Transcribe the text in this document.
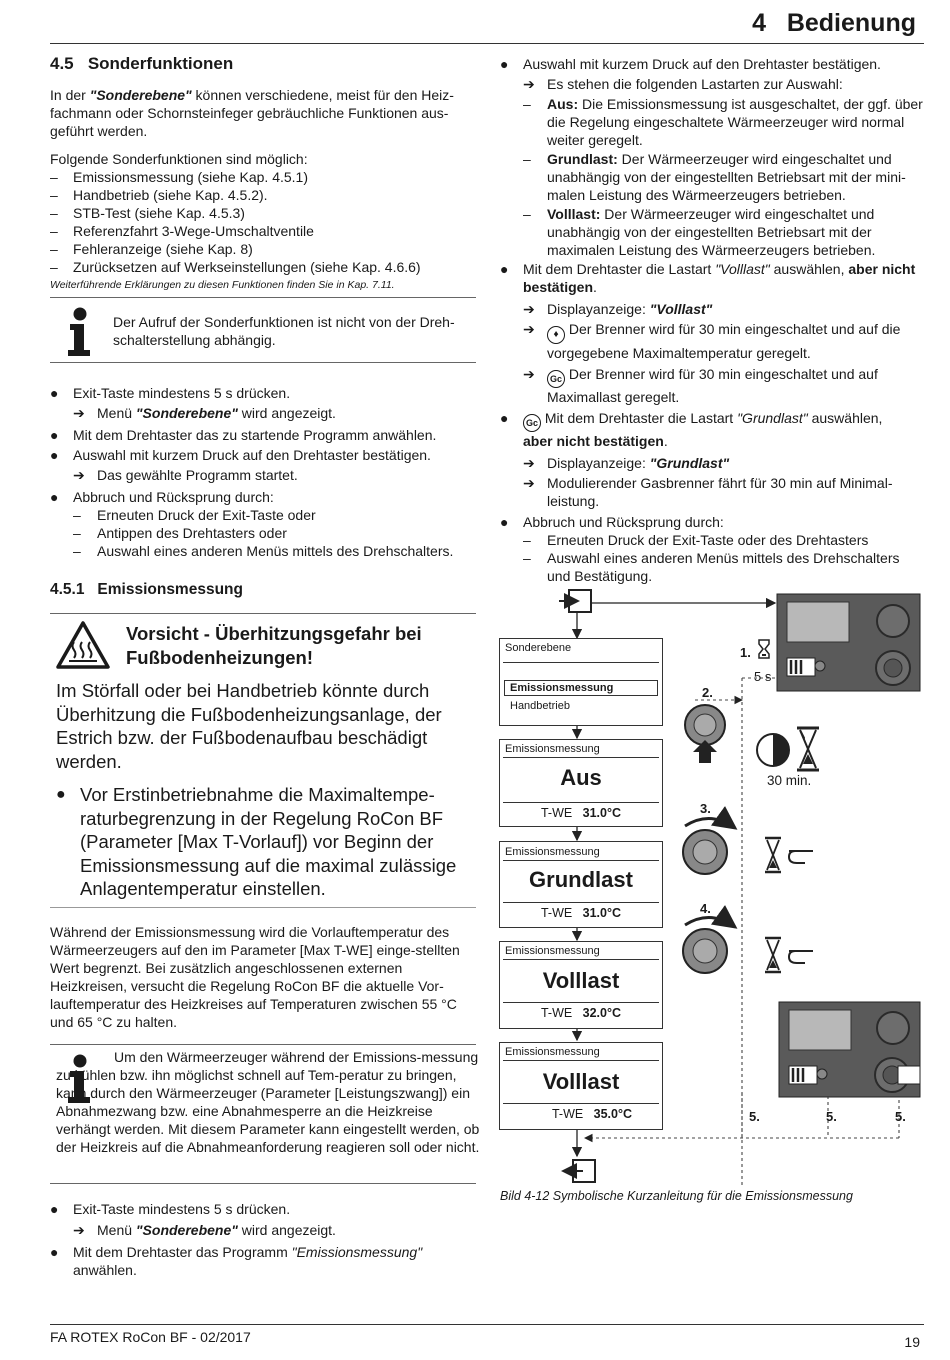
4 Bedienung
FA ROTEX RoCon BF - 02/2017	19
4.5 Sonderfunktionen

In der "Sonderebene" können verschiedene, meist für den Heiz-fachmann oder Schornsteinfeger gebräuchliche Funktionen aus-geführt werden.

Folgende Sonderfunktionen sind möglich:

– Emissionsmessung (siehe Kap. 4.5.1)
– Handbetrieb (siehe Kap. 4.5.2).
– STB-Test (siehe Kap. 4.5.3)
– Referenzfahrt 3-Wege-Umschaltventile
– Fehleranzeige (siehe Kap. 8)
– Zurücksetzen auf Werkseinstellungen (siehe Kap. 4.6.6)

Weiterführende Erklärungen zu diesen Funktionen finden Sie in Kap. 7.11.

Der Aufruf der Sonderfunktionen ist nicht von der Dreh-schalterstellung abhängig.

● Exit-Taste mindestens 5 s drücken.
➔ Menü "Sonderebene" wird angezeigt.
● Mit dem Drehtaster das zu startende Programm anwählen.
● Auswahl mit kurzem Druck auf den Drehtaster bestätigen.
➔ Das gewählte Programm startet.
● Abbruch und Rücksprung durch:
– Erneuten Druck der Exit-Taste oder
– Antippen des Drehtasters oder
– Auswahl eines anderen Menüs mittels des Drehschalters.
4.5.1 Emissionsmessung
Vorsicht - Überhitzungsgefahr bei
Fußbodenheizungen!

Im Störfall oder bei Handbetrieb könnte durch Überhitzung die Fußbodenheizungsanlage, der Estrich bzw. der Fußbodenaufbau beschädigt werden.

● Vor Erstinbetriebnahme die Maximaltempe-raturbegrenzung in der Regelung RoCon BF (Parameter [Max T-Vorlauf]) vor Beginn der Emissionsmessung auf die maximal zulässige Anlagentemperatur einstellen.

Während der Emissionsmessung wird die Vorlauftemperatur des Wärmeerzeugers auf den im Parameter [Max T-WE] einge-stellten Wert begrenzt. Bei zusätzlich angeschlossenen externen Heizkreisen, versucht die Regelung RoCon BF die aktuelle Vor-lauftemperatur des Heizkreises auf Temperaturen zwischen 55 °C und 65 °C zu halten.

Um den Wärmeerzeuger während der Emissions-messung zu kühlen bzw. ihn möglichst schnell auf Tem-peratur zu bringen, kann durch den Wärmeerzeuger (Parameter [Leistungszwang]) ein Abnahmezwang bzw. eine Abnahmesperre an die Heizkreise verhängt werden. Mit diesem Parameter kann eingestellt werden, ob der Heizkreis auf die Abnahmeanforderung reagieren soll oder nicht.

● Exit-Taste mindestens 5 s drücken.
➔ Menü "Sonderebene" wird angezeigt.
● Mit dem Drehtaster das Programm "Emissionsmessung"
anwählen.
● Auswahl mit kurzem Druck auf den Drehtaster bestätigen.
➔ Es stehen die folgenden Lastarten zur Auswahl:
– Aus: Die Emissionsmessung ist ausgeschaltet, der ggf. über die Regelung eingeschaltete Wärmeerzeuger wird normal weiter geregelt.
– Grundlast: Der Wärmeerzeuger wird eingeschaltet und unabhängig von der eingestellten Betriebsart mit der mini-malen Leistung des Wärmeerzeugers betrieben.
– Volllast: Der Wärmeerzeuger wird eingeschaltet und unabhängig von der eingestellten Betriebsart mit der maximalen Leistung des Wärmeerzeugers betrieben.
● Mit dem Drehtaster die Lastart "Volllast" auswählen, aber nicht bestätigen.
➔ Displayanzeige: "Volllast"
➔ ♦ Der Brenner wird für 30 min eingeschaltet und auf die vorgegebene Maximaltemperatur geregelt.
➔ Gc Der Brenner wird für 30 min eingeschaltet und auf Maximallast geregelt.
● Gc Mit dem Drehtaster die Lastart "Grundlast" auswählen,
aber nicht bestätigen.
➔ Displayanzeige: "Grundlast"
➔ Modulierender Gasbrenner fährt für 30 min auf Minimal-leistung.
● Abbruch und Rücksprung durch:
– Erneuten Druck der Exit-Taste oder des Drehtasters
– Auswahl eines anderen Menüs mittels des Drehschalters und Bestätigung.
1.
5 s
2.
3.
4.
30 min.
5.	5.	5.
Sonderebene
Emissionsmessung
Handbetrieb
Emissionsmessung
Aus
T-WE 31.0°C
Emissionsmessung
Grundlast
T-WE 31.0°C
Emissionsmessung
Volllast
T-WE 32.0°C
Emissionsmessung
Volllast
T-WE 35.0°C
Bild 4-12 Symbolische Kurzanleitung für die Emissionsmessung
